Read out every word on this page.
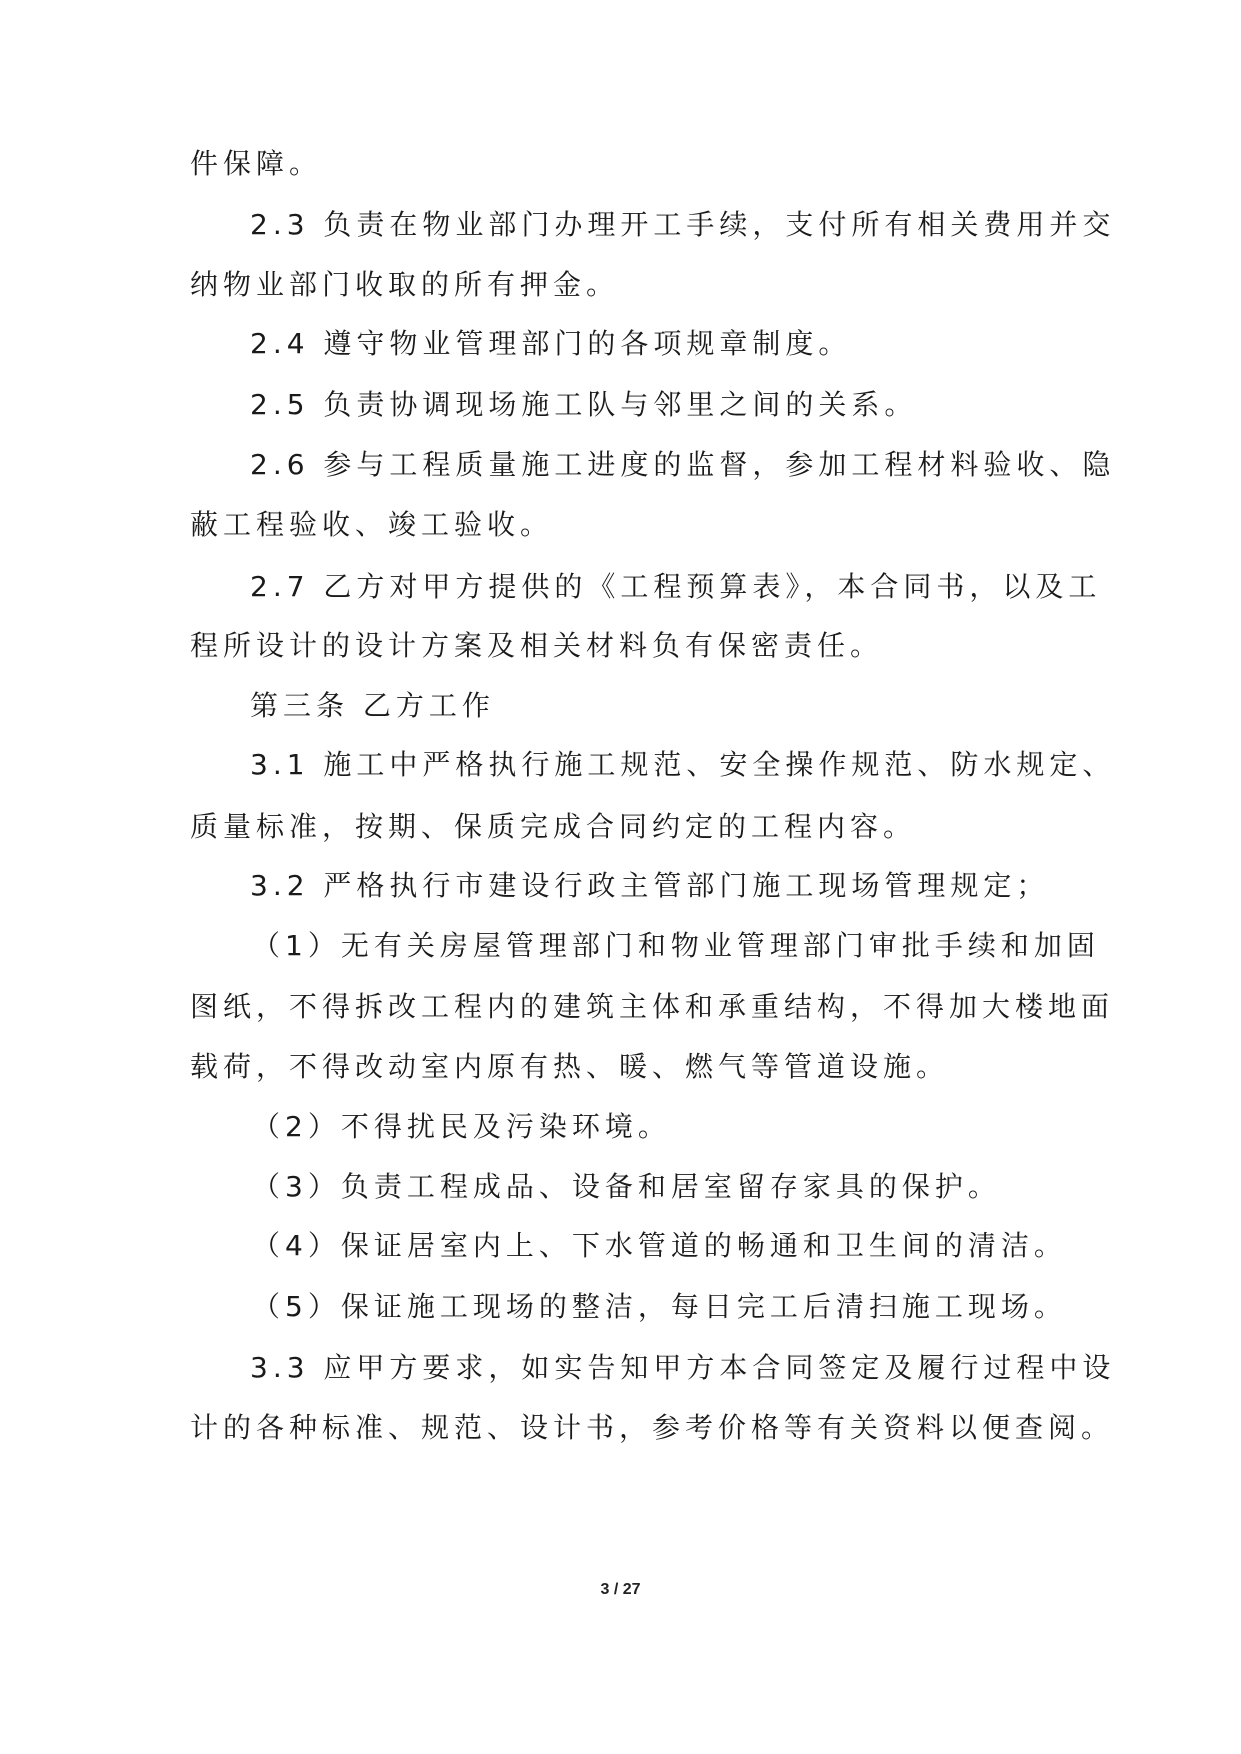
件保障。
2.3 负责在物业部门办理开工手续，支付所有相关费用并交
纳物业部门收取的所有押金。
2.4 遵守物业管理部门的各项规章制度。
2.5 负责协调现场施工队与邻里之间的关系。
2.6 参与工程质量施工进度的监督，参加工程材料验收、隐
蔽工程验收、竣工验收。
2.7 乙方对甲方提供的《工程预算表》，本合同书，以及工
程所设计的设计方案及相关材料负有保密责任。
第三条 乙方工作
3.1 施工中严格执行施工规范、安全操作规范、防水规定、
质量标准，按期、保质完成合同约定的工程内容。
3.2 严格执行市建设行政主管部门施工现场管理规定；
（1）无有关房屋管理部门和物业管理部门审批手续和加固
图纸，不得拆改工程内的建筑主体和承重结构，不得加大楼地面
载荷，不得改动室内原有热、暖、燃气等管道设施。
（2）不得扰民及污染环境。
（3）负责工程成品、设备和居室留存家具的保护。
（4）保证居室内上、下水管道的畅通和卫生间的清洁。
（5）保证施工现场的整洁，每日完工后清扫施工现场。
3.3 应甲方要求，如实告知甲方本合同签定及履行过程中设
计的各种标准、规范、设计书，参考价格等有关资料以便查阅。
3 / 27
